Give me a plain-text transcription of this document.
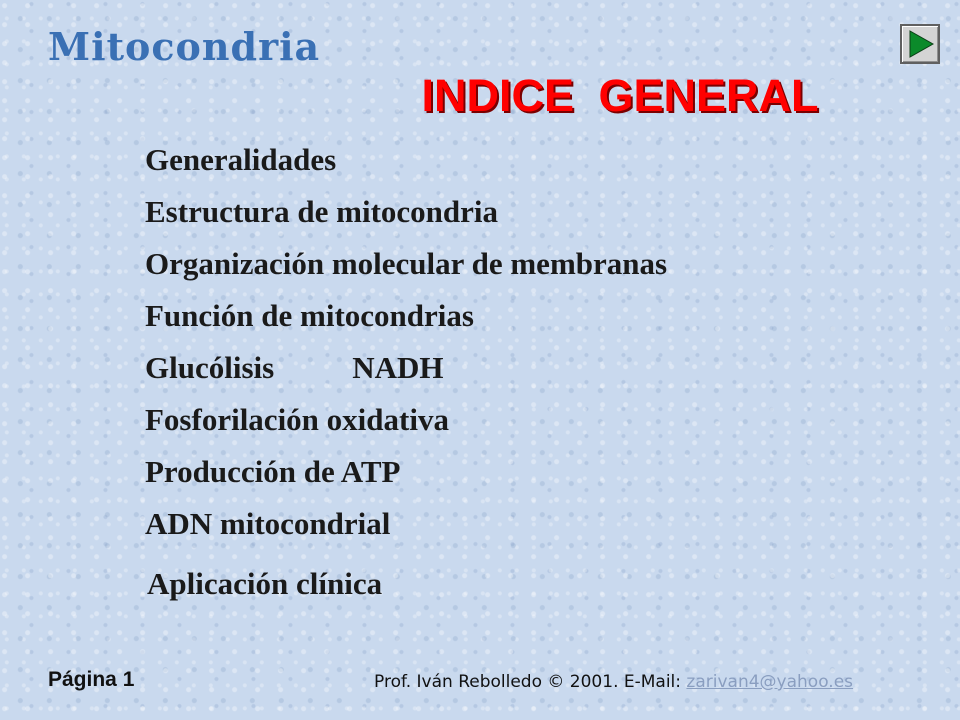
Mitocondria
INDICE GENERAL
Generalidades
Estructura de mitocondria
Organización molecular de membranas
Función de mitocondrias
Glucólisis	NADH
Fosforilación oxidativa
Producción de ATP
ADN mitocondrial
Aplicación clínica
Página 1	Prof. Iván Rebolledo © 2001. E-Mail: zarivan4@yahoo.es
